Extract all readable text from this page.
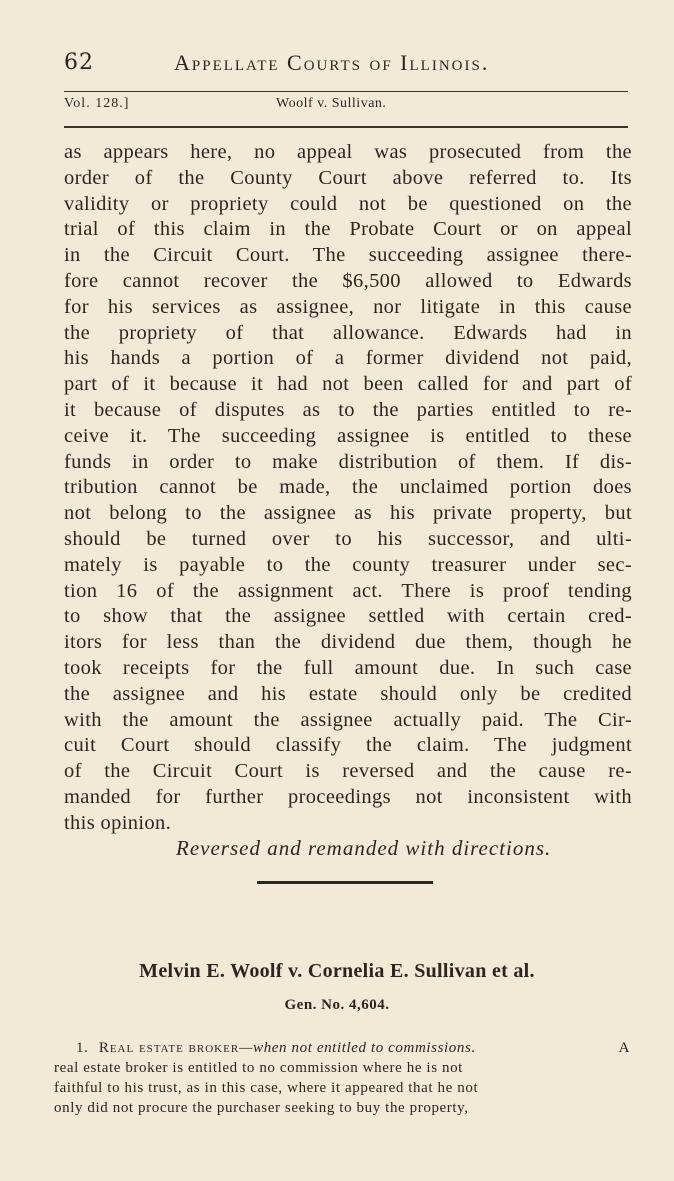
62	Appellate Courts of Illinois.
Vol. 128.]	Woolf v. Sullivan.
as appears here, no appeal was prosecuted from the
order of the County Court above referred to. Its
validity or propriety could not be questioned on the
trial of this claim in the Probate Court or on appeal
in the Circuit Court. The succeeding assignee there-
fore cannot recover the $6,500 allowed to Edwards
for his services as assignee, nor litigate in this cause
the propriety of that allowance. Edwards had in
his hands a portion of a former dividend not paid,
part of it because it had not been called for and part of
it because of disputes as to the parties entitled to re-
ceive it. The succeeding assignee is entitled to these
funds in order to make distribution of them. If dis-
tribution cannot be made, the unclaimed portion does
not belong to the assignee as his private property, but
should be turned over to his successor, and ulti-
mately is payable to the county treasurer under sec-
tion 16 of the assignment act. There is proof tending
to show that the assignee settled with certain cred-
itors for less than the dividend due them, though he
took receipts for the full amount due. In such case
the assignee and his estate should only be credited
with the amount the assignee actually paid. The Cir-
cuit Court should classify the claim. The judgment
of the Circuit Court is reversed and the cause re-
manded for further proceedings not inconsistent with
this opinion.
Reversed and remanded with directions.
Melvin E. Woolf v. Cornelia E. Sullivan et al.
Gen. No. 4,604.
1. Real estate broker—when not entitled to commissions.	A
real estate broker is entitled to no commission where he is not
faithful to his trust, as in this case, where it appeared that he not
only did not procure the purchaser seeking to buy the property,
